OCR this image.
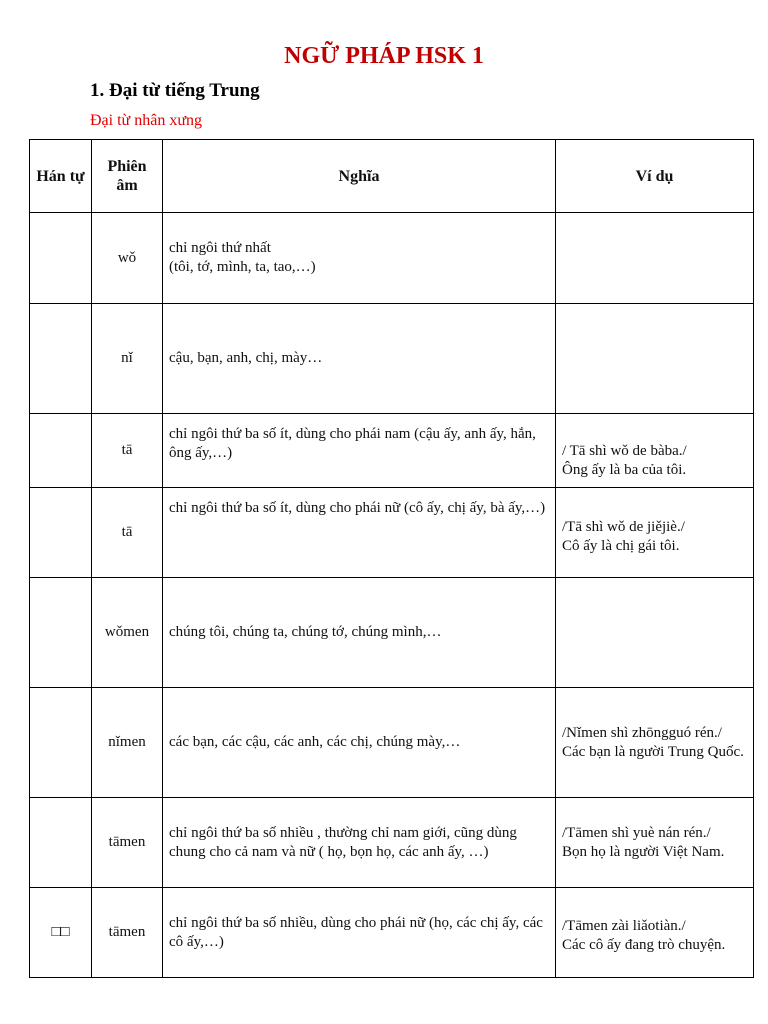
NGỮ PHÁP HSK 1
1. Đại từ tiếng Trung
Đại từ nhân xưng
Hán tự	Phiên âm	Nghĩa	Ví dụ
	wǒ	chỉ ngôi thứ nhất
(tôi, tớ, mình, ta, tao,…)	

	nǐ	cậu, bạn, anh, chị, mày…	

	tā	chỉ ngôi thứ ba số ít, dùng cho phái nam (cậu ấy, anh ấy, hắn, ông ấy,…)	/ Tā shì wǒ de bàba./
Ông ấy là ba của tôi.

	tā	chỉ ngôi thứ ba số ít, dùng cho phái nữ (cô ấy, chị ấy, bà ấy,…)	/Tā shì wǒ de jiějiè./
Cô ấy là chị gái tôi.

	wǒmen	chúng tôi, chúng ta, chúng tớ, chúng mình,…	

	nǐmen	các bạn, các cậu, các anh, các chị, chúng mày,…	/Nǐmen shì zhōngguó rén./
Các bạn là người Trung Quốc.

	tāmen	chỉ ngôi thứ ba số nhiều , thường chỉ nam giới, cũng dùng chung cho cả nam và nữ ( họ, bọn họ, các anh ấy, …)	/Tāmen shì yuè nán rén./
Bọn họ là người Việt Nam.

□□	tāmen	chỉ ngôi thứ ba số nhiều, dùng cho phái nữ (họ, các chị ấy, các cô ấy,…)	/Tāmen zài liǎotiàn./
Các cô ấy đang trò chuyện.
